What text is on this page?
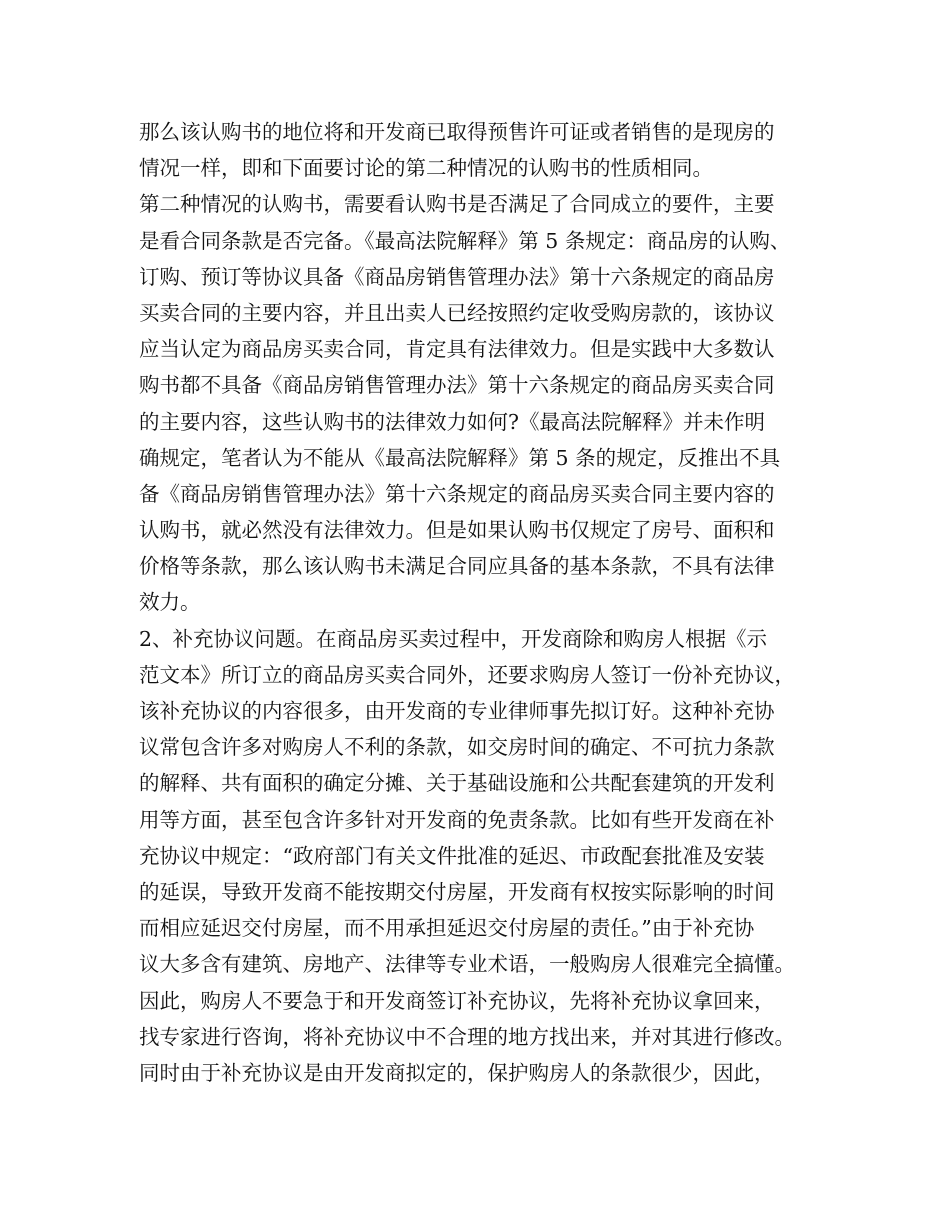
那么该认购书的地位将和开发商已取得预售许可证或者销售的是现房的
情况一样，即和下面要讨论的第二种情况的认购书的性质相同。
第二种情况的认购书，需要看认购书是否满足了合同成立的要件，主要
是看合同条款是否完备。《最高法院解释》第 5 条规定：商品房的认购、
订购、预订等协议具备《商品房销售管理办法》第十六条规定的商品房
买卖合同的主要内容，并且出卖人已经按照约定收受购房款的，该协议
应当认定为商品房买卖合同，肯定具有法律效力。但是实践中大多数认
购书都不具备《商品房销售管理办法》第十六条规定的商品房买卖合同
的主要内容，这些认购书的法律效力如何?《最高法院解释》并未作明
确规定，笔者认为不能从《最高法院解释》第 5 条的规定，反推出不具
备《商品房销售管理办法》第十六条规定的商品房买卖合同主要内容的
认购书，就必然没有法律效力。但是如果认购书仅规定了房号、面积和
价格等条款，那么该认购书未满足合同应具备的基本条款，不具有法律
效力。
2、补充协议问题。在商品房买卖过程中，开发商除和购房人根据《示
范文本》所订立的商品房买卖合同外，还要求购房人签订一份补充协议，
该补充协议的内容很多，由开发商的专业律师事先拟订好。这种补充协
议常包含许多对购房人不利的条款，如交房时间的确定、不可抗力条款
的解释、共有面积的确定分摊、关于基础设施和公共配套建筑的开发利
用等方面，甚至包含许多针对开发商的免责条款。比如有些开发商在补
充协议中规定：“政府部门有关文件批准的延迟、市政配套批准及安装
的延误，导致开发商不能按期交付房屋，开发商有权按实际影响的时间
而相应延迟交付房屋，而不用承担延迟交付房屋的责任。”由于补充协
议大多含有建筑、房地产、法律等专业术语，一般购房人很难完全搞懂。
因此，购房人不要急于和开发商签订补充协议，先将补充协议拿回来，
找专家进行咨询，将补充协议中不合理的地方找出来，并对其进行修改。
同时由于补充协议是由开发商拟定的，保护购房人的条款很少，因此，
